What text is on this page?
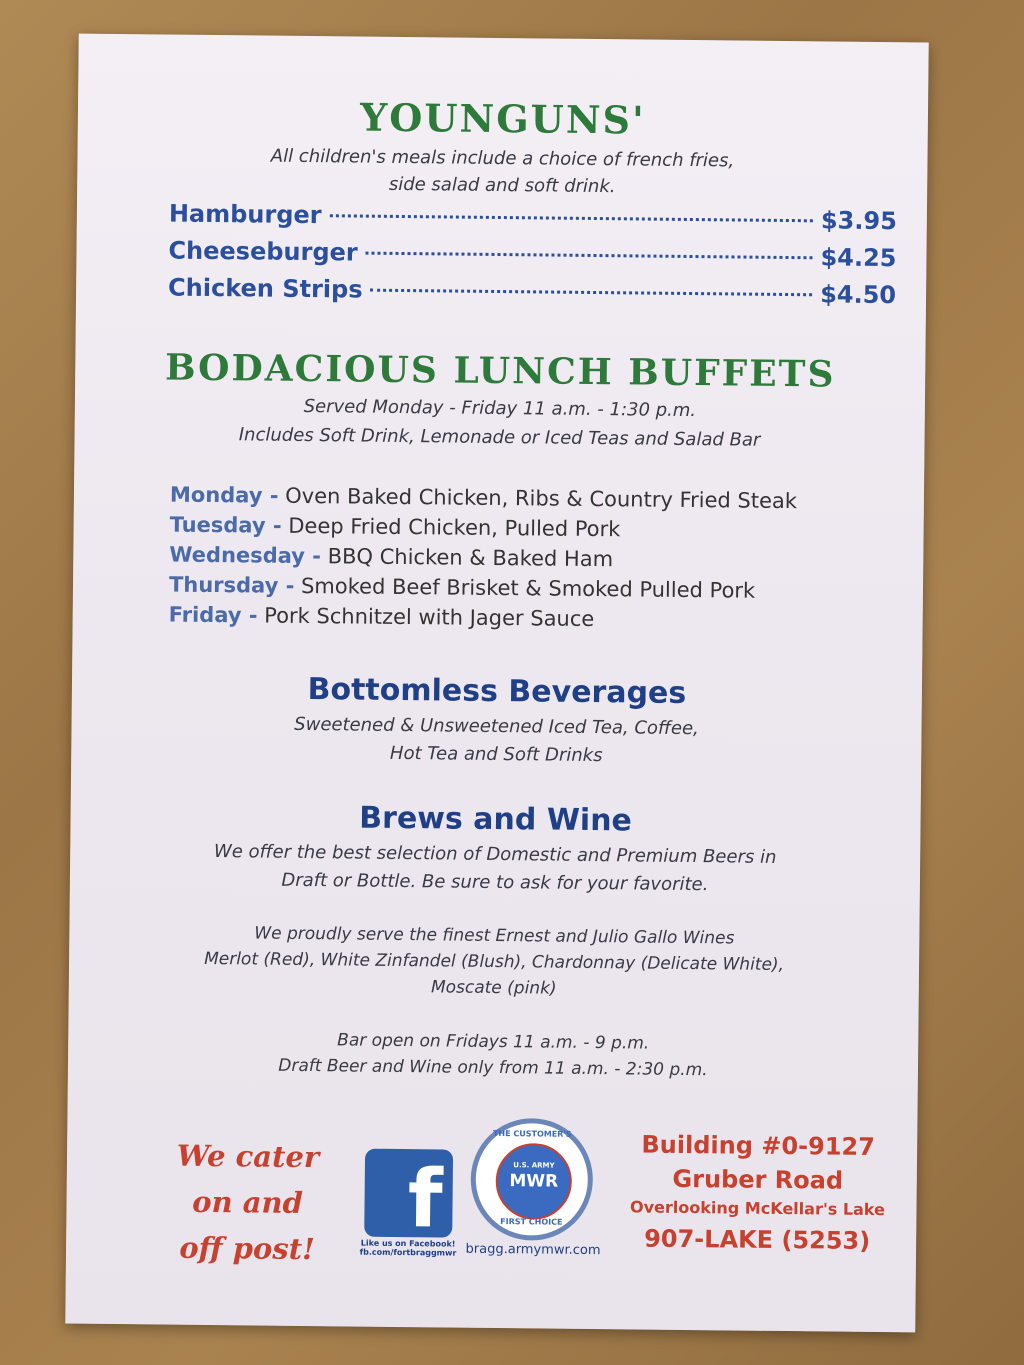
YOUNGUNS'
All children's meals include a choice of french fries,
side salad and soft drink.
Hamburger	$3.95
Cheeseburger	$4.25
Chicken Strips	$4.50
BODACIOUS LUNCH BUFFETS
Served Monday - Friday 11 a.m. - 1:30 p.m.
Includes Soft Drink, Lemonade or Iced Teas and Salad Bar
Monday - Oven Baked Chicken, Ribs & Country Fried Steak
Tuesday - Deep Fried Chicken, Pulled Pork
Wednesday - BBQ Chicken & Baked Ham
Thursday - Smoked Beef Brisket & Smoked Pulled Pork
Friday - Pork Schnitzel with Jager Sauce
Bottomless Beverages
Sweetened & Unsweetened Iced Tea, Coffee,
Hot Tea and Soft Drinks
Brews and Wine
We offer the best selection of Domestic and Premium Beers in
Draft or Bottle. Be sure to ask for your favorite.
We proudly serve the finest Ernest and Julio Gallo Wines
Merlot (Red), White Zinfandel (Blush), Chardonnay (Delicate White),
Moscate (pink)
Bar open on Fridays 11 a.m. - 9 p.m.
Draft Beer and Wine only from 11 a.m. - 2:30 p.m.
We cater
on and
off post!
f
Like us on Facebook!
fb.com/fortbraggmwr
THE CUSTOMER'S
U.S. ARMY
MWR
FIRST CHOICE
bragg.armymwr.com
Building #0-9127
Gruber Road
Overlooking McKellar's Lake
907-LAKE (5253)
